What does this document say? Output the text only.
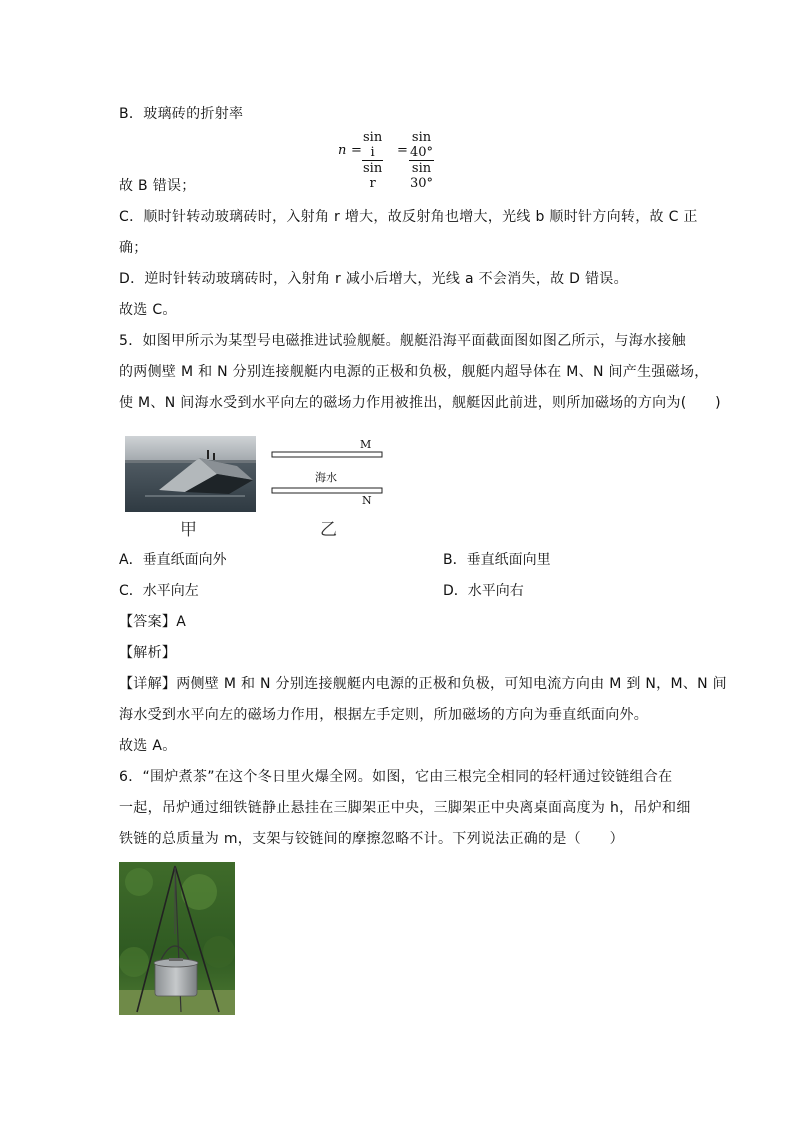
B．玻璃砖的折射率
$n = \frac{\text{sin i}}{\text{sin r}} = \frac{\sin 40^\circ}{\sin 30^\circ}$
故 B 错误；
C．顺时针转动玻璃砖时，入射角 r 增大，故反射角也增大，光线 b 顺时针方向转，故 C 正
确；
D．逆时针转动玻璃砖时，入射角 r 减小后增大，光线 a 不会消失，故 D 错误。
故选 C。
5．如图甲所示为某型号电磁推进试验舰艇。舰艇沿海平面截面图如图乙所示，与海水接触
的两侧壁 M 和 N 分别连接舰艇内电源的正极和负极，舰艇内超导体在 M、N 间产生强磁场，
使 M、N 间海水受到水平向左的磁场力作用被推出，舰艇因此前进，则所加磁场的方向为(　　)
M
海水
N
甲	乙
A．垂直纸面向外	B．垂直纸面向里
C．水平向左	D．水平向右
【答案】A
【解析】
【详解】两侧壁 M 和 N 分别连接舰艇内电源的正极和负极，可知电流方向由 M 到 N，M、N 间
海水受到水平向左的磁场力作用，根据左手定则，所加磁场的方向为垂直纸面向外。
故选 A。
6．“围炉煮茶”在这个冬日里火爆全网。如图，它由三根完全相同的轻杆通过铰链组合在
一起，吊炉通过细铁链静止悬挂在三脚架正中央，三脚架正中央离桌面高度为 h，吊炉和细
铁链的总质量为 m，支架与铰链间的摩擦忽略不计。下列说法正确的是（　　）
